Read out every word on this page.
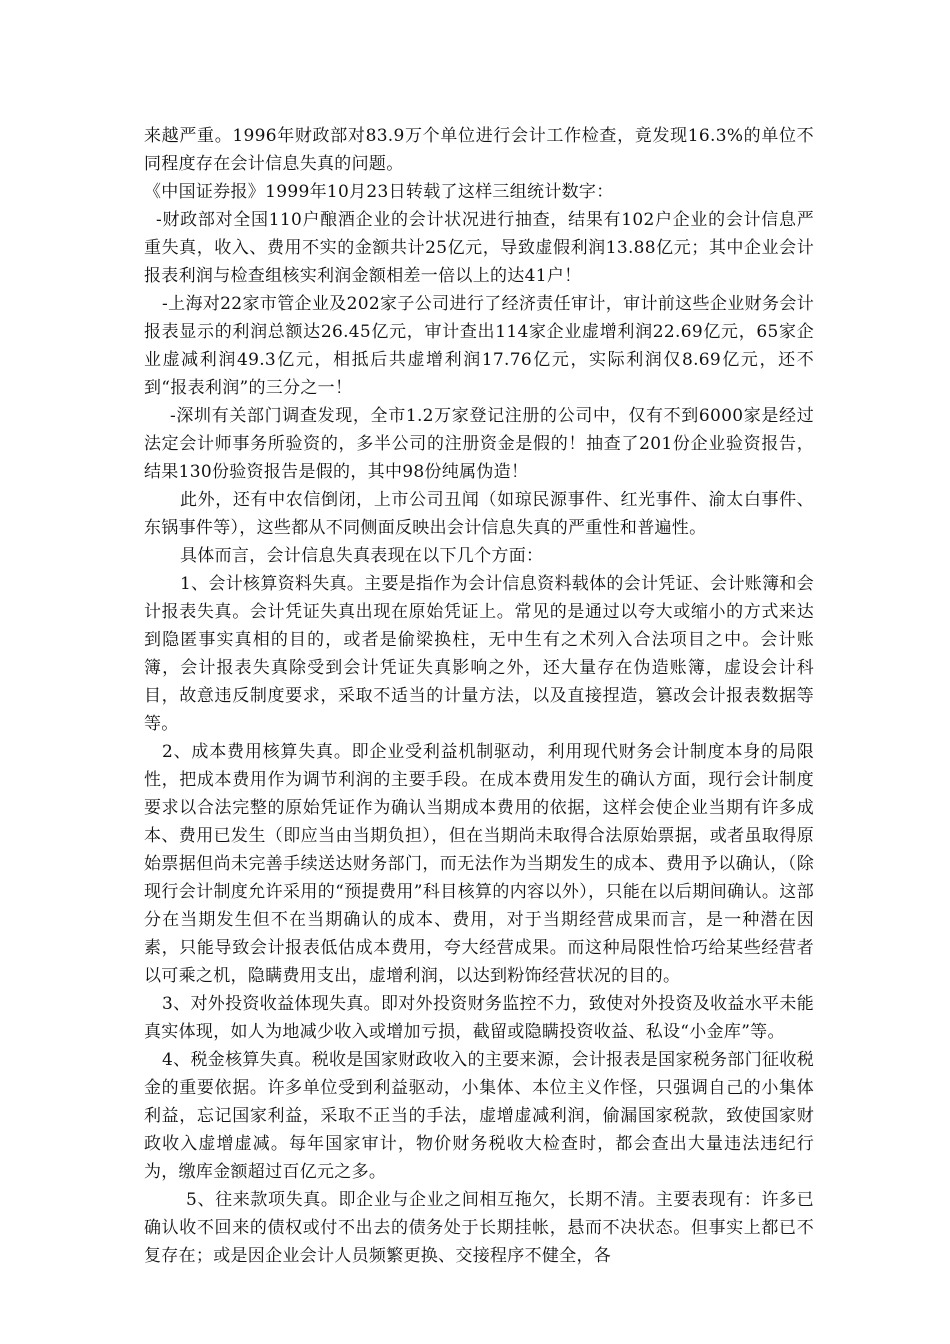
来越严重。1996年财政部对83.9万个单位进行会计工作检查，竟发现16.3%的单位不同程度存在会计信息失真的问题。

《中国证券报》1999年10月23日转载了这样三组统计数字：

-财政部对全国110户酿酒企业的会计状况进行抽查，结果有102户企业的会计信息严重失真，收入、费用不实的金额共计25亿元，导致虚假利润13.88亿元；其中企业会计报表利润与检查组核实利润金额相差一倍以上的达41户！

-上海对22家市管企业及202家子公司进行了经济责任审计，审计前这些企业财务会计报表显示的利润总额达26.45亿元，审计查出114家企业虚增利润22.69亿元，65家企业虚减利润49.3亿元，相抵后共虚增利润17.76亿元，实际利润仅8.69亿元，还不到“报表利润”的三分之一！

-深圳有关部门调查发现，全市1.2万家登记注册的公司中，仅有不到6000家是经过法定会计师事务所验资的，多半公司的注册资金是假的！抽查了201份企业验资报告，结果130份验资报告是假的，其中98份纯属伪造！

此外，还有中农信倒闭，上市公司丑闻（如琼民源事件、红光事件、渝太白事件、东锅事件等），这些都从不同侧面反映出会计信息失真的严重性和普遍性。

具体而言，会计信息失真表现在以下几个方面：

1、会计核算资料失真。主要是指作为会计信息资料载体的会计凭证、会计账簿和会计报表失真。会计凭证失真出现在原始凭证上。常见的是通过以夸大或缩小的方式来达到隐匿事实真相的目的，或者是偷梁换柱，无中生有之术列入合法项目之中。会计账簿，会计报表失真除受到会计凭证失真影响之外，还大量存在伪造账簿，虚设会计科目，故意违反制度要求，采取不适当的计量方法，以及直接捏造，篡改会计报表数据等等。

2、成本费用核算失真。即企业受利益机制驱动，利用现代财务会计制度本身的局限性，把成本费用作为调节利润的主要手段。在成本费用发生的确认方面，现行会计制度要求以合法完整的原始凭证作为确认当期成本费用的依据，这样会使企业当期有许多成本、费用已发生（即应当由当期负担），但在当期尚未取得合法原始票据，或者虽取得原始票据但尚未完善手续送达财务部门，而无法作为当期发生的成本、费用予以确认，（除现行会计制度允许采用的“预提费用”科目核算的内容以外），只能在以后期间确认。这部分在当期发生但不在当期确认的成本、费用，对于当期经营成果而言，是一种潜在因素，只能导致会计报表低估成本费用，夸大经营成果。而这种局限性恰巧给某些经营者以可乘之机，隐瞒费用支出，虚增利润，以达到粉饰经营状况的目的。

3、对外投资收益体现失真。即对外投资财务监控不力，致使对外投资及收益水平未能真实体现，如人为地减少收入或增加亏损，截留或隐瞒投资收益、私设“小金库”等。

4、税金核算失真。税收是国家财政收入的主要来源，会计报表是国家税务部门征收税金的重要依据。许多单位受到利益驱动，小集体、本位主义作怪，只强调自己的小集体利益，忘记国家利益，采取不正当的手法，虚增虚减利润，偷漏国家税款，致使国家财政收入虚增虚减。每年国家审计，物价财务税收大检查时，都会查出大量违法违纪行为，缴库金额超过百亿元之多。

5、往来款项失真。即企业与企业之间相互拖欠，长期不清。主要表现有：许多已确认收不回来的债权或付不出去的债务处于长期挂帐，悬而不决状态。但事实上都已不复存在；或是因企业会计人员频繁更换、交接程序不健全，各
